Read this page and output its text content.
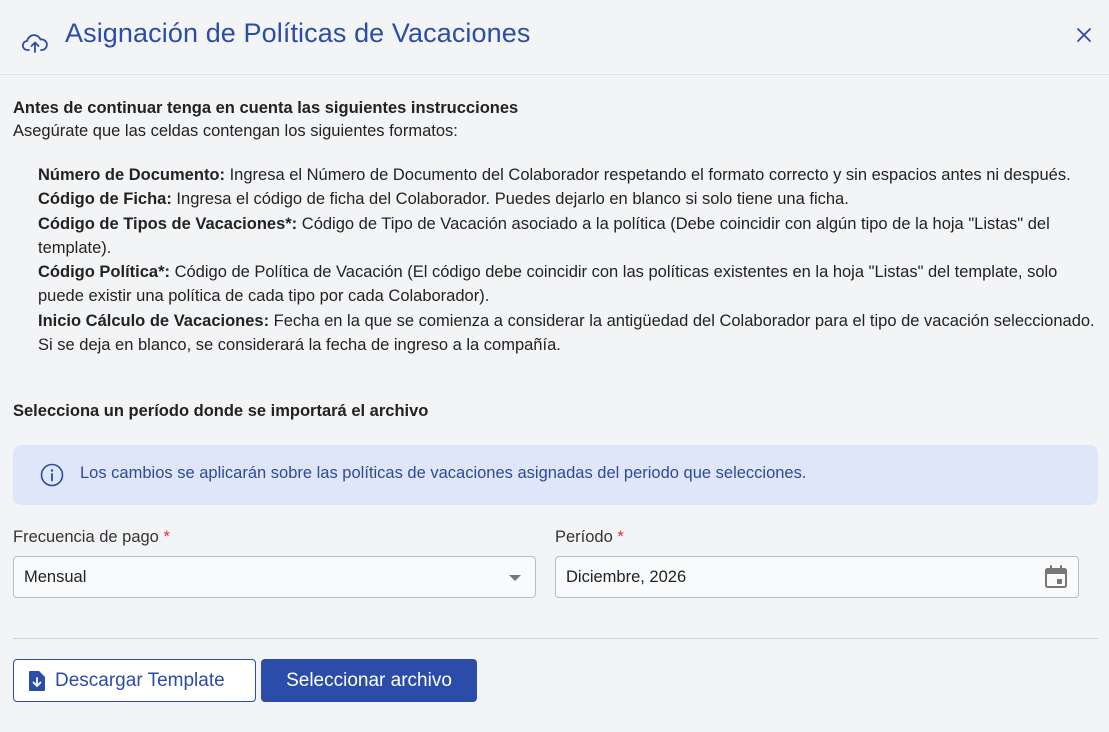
Asignación de Políticas de Vacaciones

Antes de continuar tenga en cuenta las siguientes instrucciones

Asegúrate que las celdas contengan los siguientes formatos:

Número de Documento: Ingresa el Número de Documento del Colaborador respetando el formato correcto y sin espacios antes ni después.
Código de Ficha: Ingresa el código de ficha del Colaborador. Puedes dejarlo en blanco si solo tiene una ficha.
Código de Tipos de Vacaciones*: Código de Tipo de Vacación asociado a la política (Debe coincidir con algún tipo de la hoja "Listas" del template).
Código Política*: Código de Política de Vacación (El código debe coincidir con las políticas existentes en la hoja "Listas" del template, solo puede existir una política de cada tipo por cada Colaborador).
Inicio Cálculo de Vacaciones: Fecha en la que se comienza a considerar la antigüedad del Colaborador para el tipo de vacación seleccionado. Si se deja en blanco, se considerará la fecha de ingreso a la compañía.

Selecciona un período donde se importará el archivo

Los cambios se aplicarán sobre las políticas de vacaciones asignadas del periodo que selecciones.
Frecuencia de pago *
Mensual
Período *
Diciembre, 2026
Descargar Template	Seleccionar archivo
